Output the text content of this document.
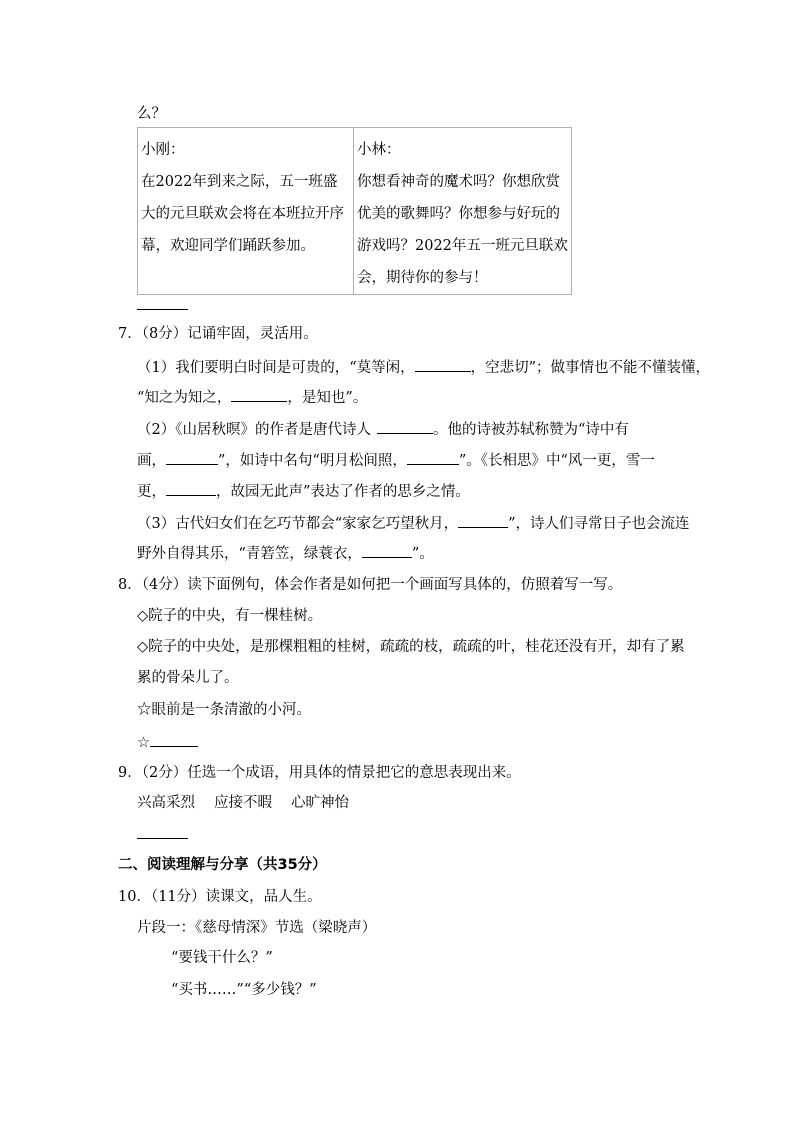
么？
小刚：
在2022年到来之际，五一班盛大的元旦联欢会将在本班拉开序幕，欢迎同学们踊跃参加。

小林：
你想看神奇的魔术吗？你想欣赏优美的歌舞吗？你想参与好玩的游戏吗？2022年五一班元旦联欢会，期待你的参与！
7．（8分）记诵牢固，灵活用。
（1）我们要明白时间是可贵的，“莫等闲，	，空悲切”；做事情也不能不懂装懂，
“知之为知之，	，是知也”。
（2）《山居秋暝》的作者是唐代诗人	。他的诗被苏轼称赞为“诗中有
画，	”，如诗中名句“明月松间照，	”。《长相思》中“风一更，雪一
更，	，故园无此声”表达了作者的思乡之情。
（3）古代妇女们在乞巧节都会“家家乞巧望秋月，	”，诗人们寻常日子也会流连
野外自得其乐，“青箬笠，绿蓑衣，	”。
8．（4分）读下面例句，体会作者是如何把一个画面写具体的，仿照着写一写。
◇院子的中央，有一棵桂树。
◇院子的中央处，是那棵粗粗的桂树，疏疏的枝，疏疏的叶，桂花还没有开，却有了累
累的骨朵儿了。
☆眼前是一条清澈的小河。
☆
9．（2分）任选一个成语，用具体的情景把它的意思表现出来。
兴高采烈 应接不暇 心旷神怡
二、阅读理解与分享（共35分）
10．（11分）读课文，品人生。
片段一：《慈母情深》节选（梁晓声）
“要钱干什么？”
“买书……”“多少钱？”
